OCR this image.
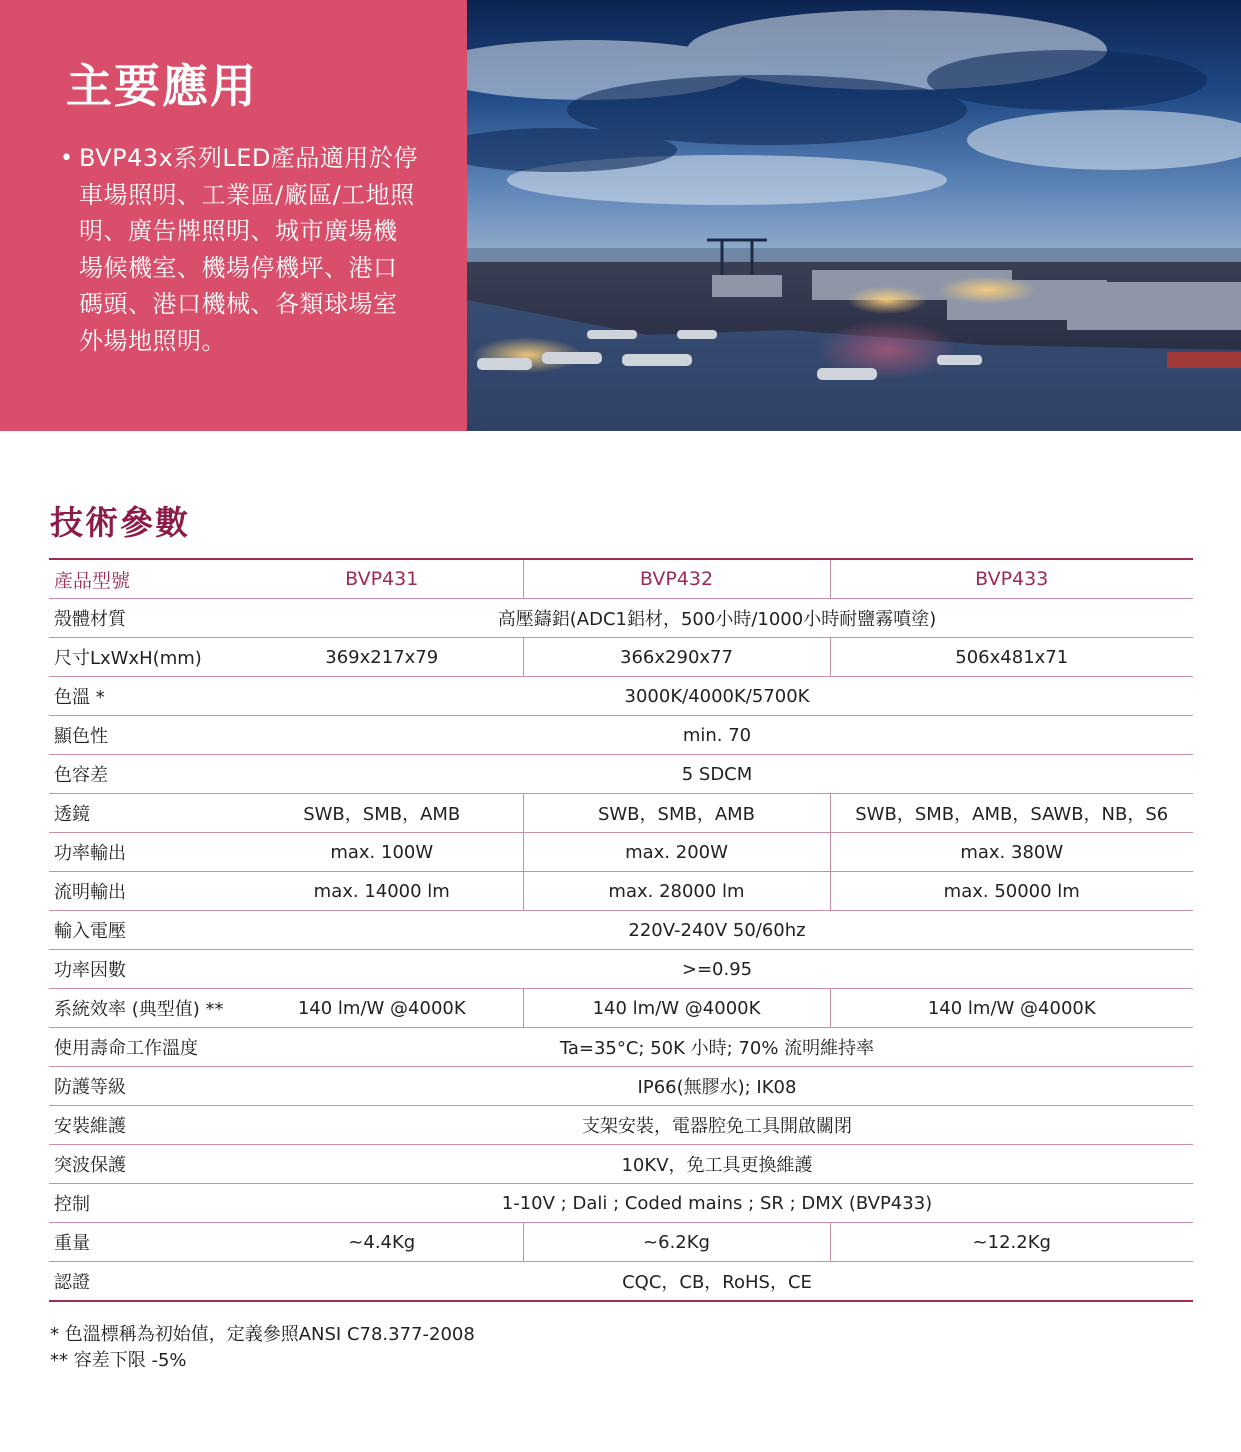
主要應用
• BVP43x系列LED產品適用於停車場照明、工業區/廠區/工地照明、廣告牌照明、城市廣場機場候機室、機場停機坪、港口碼頭、港口機械、各類球場室外場地照明。

技術參數
產品型號	BVP431	BVP432	BVP433
殼體材質	高壓鑄鋁(ADC1鋁材，500小時/1000小時耐鹽霧噴塗)		
尺寸LxWxH(mm)	369x217x79	366x290x77	506x481x71
色溫 *	3000K/4000K/5700K		
顯色性	min. 70		
色容差	5 SDCM		
透鏡	SWB，SMB，AMB	SWB，SMB，AMB	SWB，SMB，AMB，SAWB，NB，S6
功率輸出	max. 100W	max. 200W	max. 380W
流明輸出	max. 14000 lm	max. 28000 lm	max. 50000 lm
輸入電壓	220V-240V 50/60hz		
功率因數	>=0.95		
系統效率 (典型值) **	140 lm/W @4000K	140 lm/W @4000K	140 lm/W @4000K
使用壽命工作溫度	Ta=35°C; 50K 小時; 70% 流明維持率		
防護等級	IP66(無膠水); IK08		
安裝維護	支架安裝，電器腔免工具開啟關閉		
突波保護	10KV，免工具更換維護		
控制	1-10V ; Dali ; Coded mains ; SR ; DMX (BVP433)		
重量	~4.4Kg	~6.2Kg	~12.2Kg
認證	CQC，CB，RoHS，CE		
* 色溫標稱為初始值，定義參照ANSI C78.377-2008
** 容差下限 -5%
